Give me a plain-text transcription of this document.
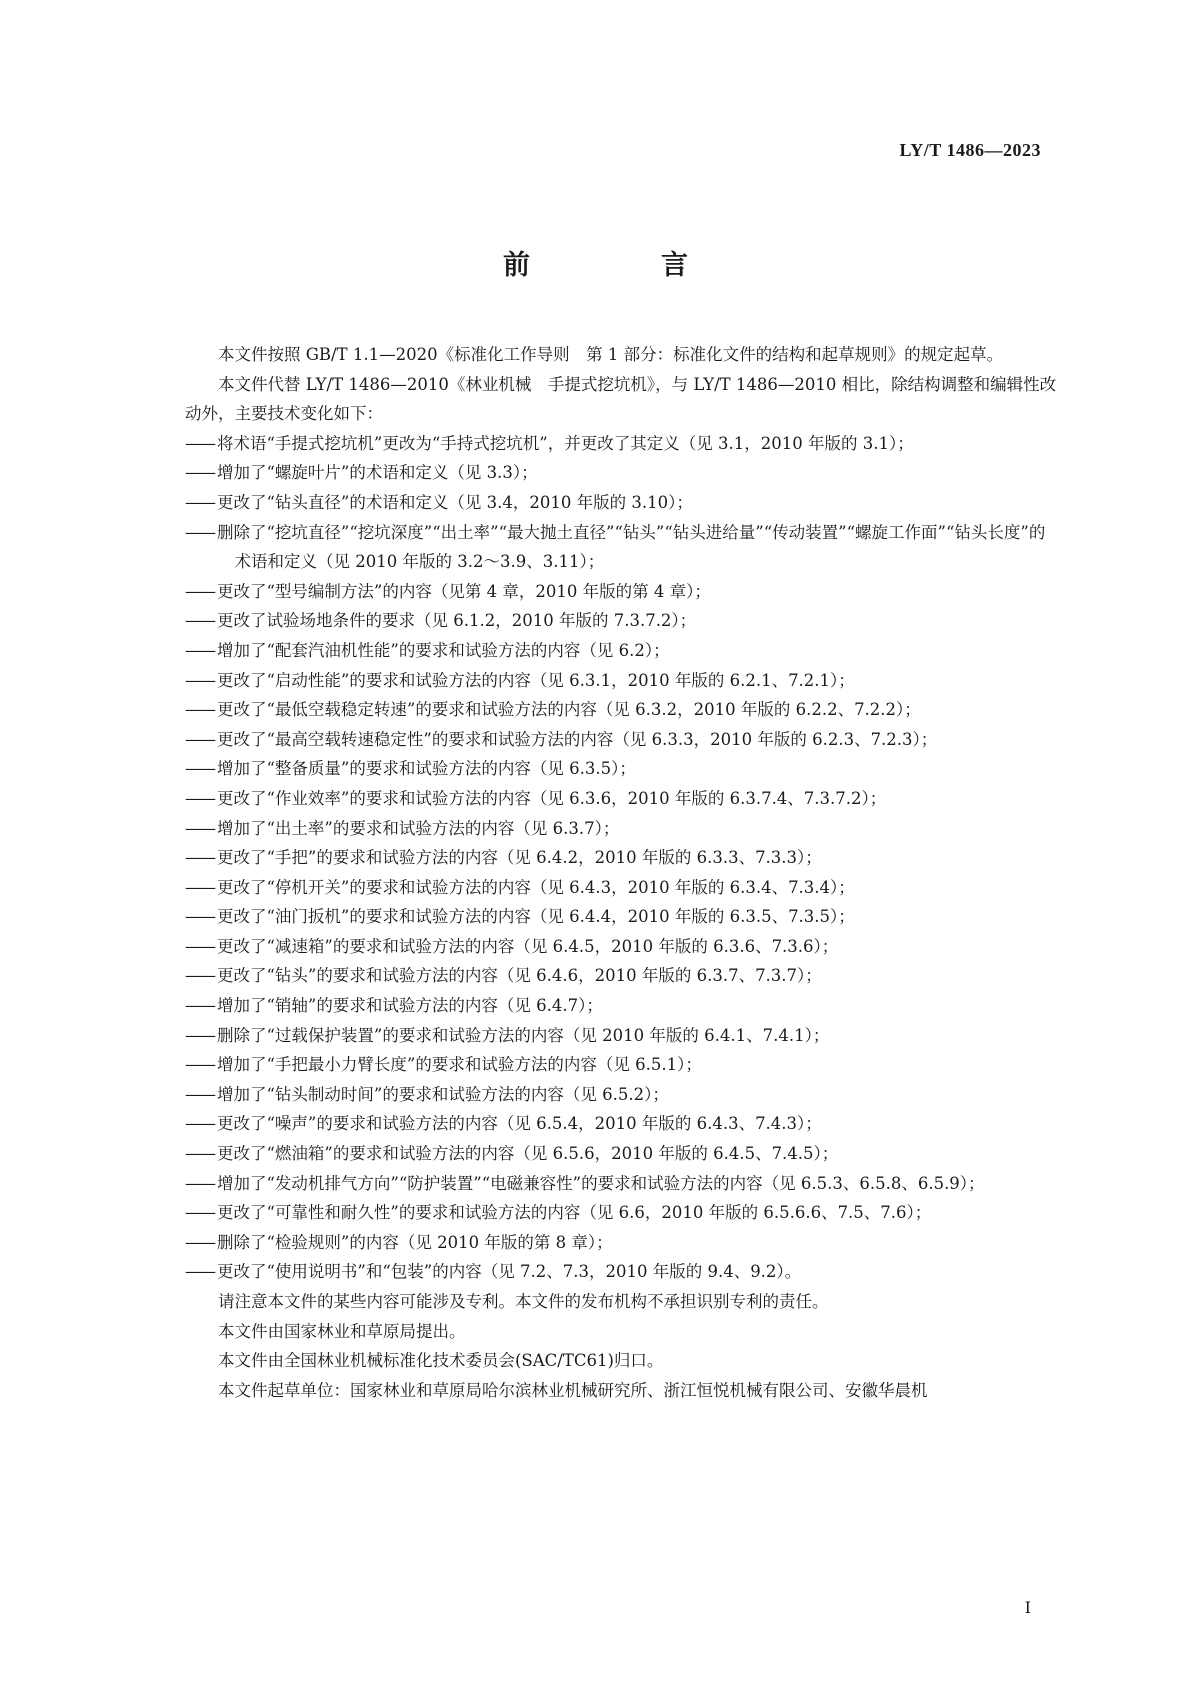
LY/T 1486—2023
前　言

本文件按照 GB/T 1.1—2020《标准化工作导则　第 1 部分：标准化文件的结构和起草规则》的规定起草。

本文件代替 LY/T 1486—2010《林业机械　手提式挖坑机》，与 LY/T 1486—2010 相比，除结构调整和编辑性改动外，主要技术变化如下：

—— 将术语“手提式挖坑机”更改为“手持式挖坑机”，并更改了其定义（见 3.1，2010 年版的 3.1）；
—— 增加了“螺旋叶片”的术语和定义（见 3.3）；
—— 更改了“钻头直径”的术语和定义（见 3.4，2010 年版的 3.10）；
—— 删除了“挖坑直径”“挖坑深度”“出土率”“最大抛土直径”“钻头”“钻头进给量”“传动装置”“螺旋工作面”“钻头长度”的术语和定义（见 2010 年版的 3.2～3.9、3.11）；
—— 更改了“型号编制方法”的内容（见第 4 章，2010 年版的第 4 章）；
—— 更改了试验场地条件的要求（见 6.1.2，2010 年版的 7.3.7.2）；
—— 增加了“配套汽油机性能”的要求和试验方法的内容（见 6.2）；
—— 更改了“启动性能”的要求和试验方法的内容（见 6.3.1，2010 年版的 6.2.1、7.2.1）；
—— 更改了“最低空载稳定转速”的要求和试验方法的内容（见 6.3.2，2010 年版的 6.2.2、7.2.2）；
—— 更改了“最高空载转速稳定性”的要求和试验方法的内容（见 6.3.3，2010 年版的 6.2.3、7.2.3）；
—— 增加了“整备质量”的要求和试验方法的内容（见 6.3.5）；
—— 更改了“作业效率”的要求和试验方法的内容（见 6.3.6，2010 年版的 6.3.7.4、7.3.7.2）；
—— 增加了“出土率”的要求和试验方法的内容（见 6.3.7）；
—— 更改了“手把”的要求和试验方法的内容（见 6.4.2，2010 年版的 6.3.3、7.3.3）；
—— 更改了“停机开关”的要求和试验方法的内容（见 6.4.3，2010 年版的 6.3.4、7.3.4）；
—— 更改了“油门扳机”的要求和试验方法的内容（见 6.4.4，2010 年版的 6.3.5、7.3.5）；
—— 更改了“减速箱”的要求和试验方法的内容（见 6.4.5，2010 年版的 6.3.6、7.3.6）；
—— 更改了“钻头”的要求和试验方法的内容（见 6.4.6，2010 年版的 6.3.7、7.3.7）；
—— 增加了“销轴”的要求和试验方法的内容（见 6.4.7）；
—— 删除了“过载保护装置”的要求和试验方法的内容（见 2010 年版的 6.4.1、7.4.1）；
—— 增加了“手把最小力臂长度”的要求和试验方法的内容（见 6.5.1）；
—— 增加了“钻头制动时间”的要求和试验方法的内容（见 6.5.2）；
—— 更改了“噪声”的要求和试验方法的内容（见 6.5.4，2010 年版的 6.4.3、7.4.3）；
—— 更改了“燃油箱”的要求和试验方法的内容（见 6.5.6，2010 年版的 6.4.5、7.4.5）；
—— 增加了“发动机排气方向”“防护装置”“电磁兼容性”的要求和试验方法的内容（见 6.5.3、6.5.8、6.5.9）；
—— 更改了“可靠性和耐久性”的要求和试验方法的内容（见 6.6，2010 年版的 6.5.6.6、7.5、7.6）；
—— 删除了“检验规则”的内容（见 2010 年版的第 8 章）；
—— 更改了“使用说明书”和“包装”的内容（见 7.2、7.3，2010 年版的 9.4、9.2）。

请注意本文件的某些内容可能涉及专利。本文件的发布机构不承担识别专利的责任。

本文件由国家林业和草原局提出。

本文件由全国林业机械标准化技术委员会(SAC/TC61)归口。

本文件起草单位：国家林业和草原局哈尔滨林业机械研究所、浙江恒悦机械有限公司、安徽华晨机

I
